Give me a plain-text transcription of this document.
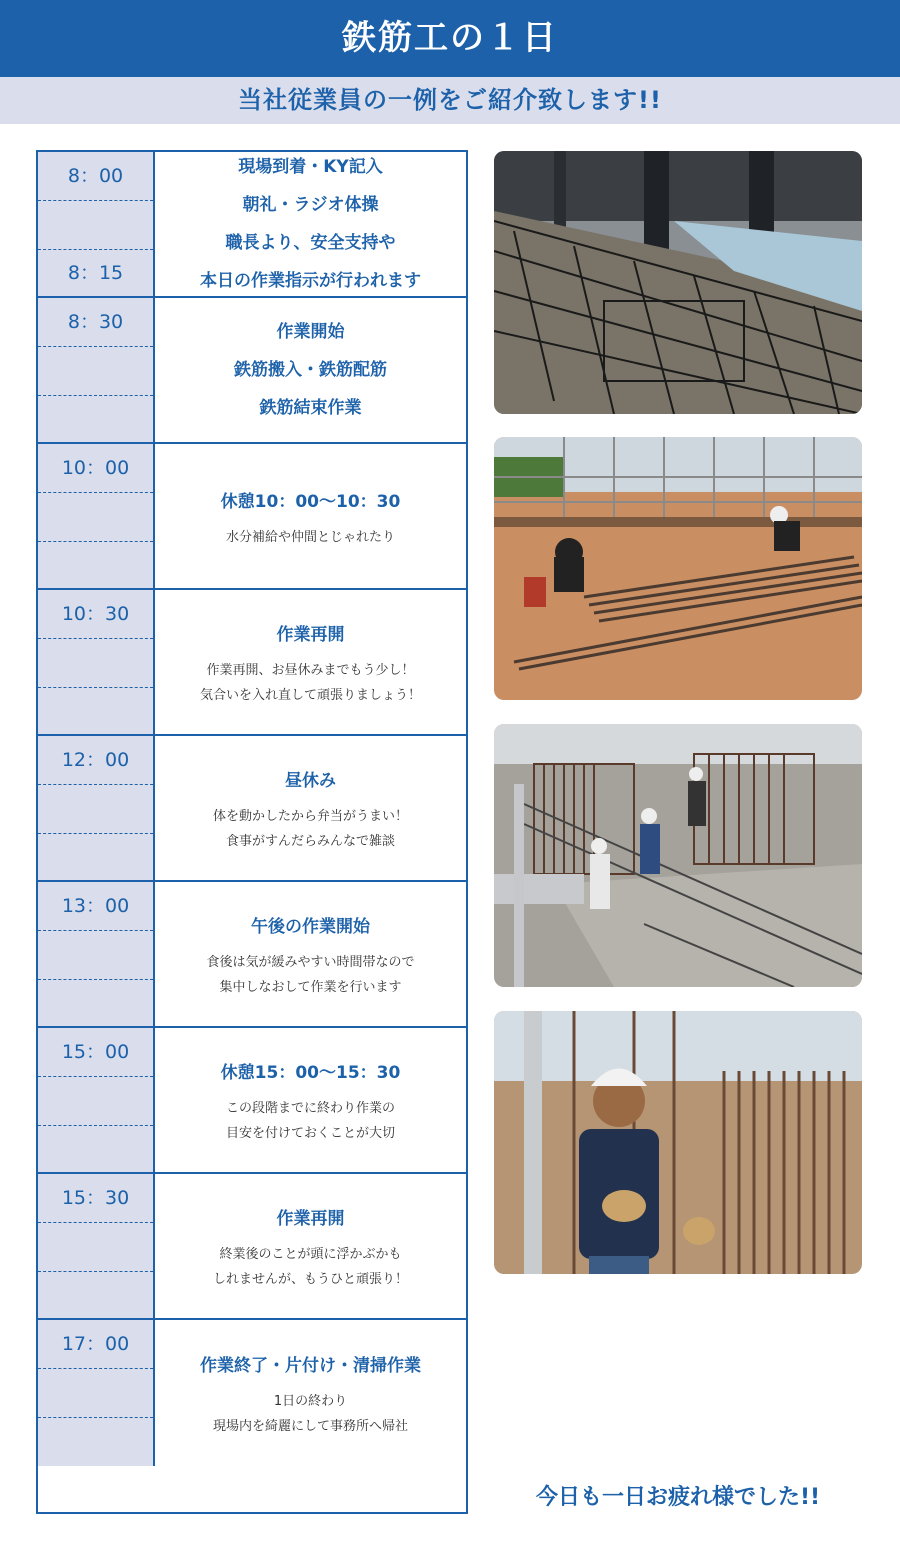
鉄筋工の１日
当社従業員の一例をご紹介致します!!
8：00
8：15
現場到着・KY記入
朝礼・ラジオ体操
職長より、安全支持や
本日の作業指示が行われます
8：30	作業開始
鉄筋搬入・鉄筋配筋
鉄筋結束作業
10：00
休憩10：00～10：30
水分補給や仲間とじゃれたり
10：30
作業再開
作業再開、お昼休みまでもう少し！
気合いを入れ直して頑張りましょう！
12：00
昼休み
体を動かしたから弁当がうまい！
食事がすんだらみんなで雑談
13：00
午後の作業開始
食後は気が緩みやすい時間帯なので
集中しなおして作業を行います
15：00
休憩15：00～15：30
この段階までに終わり作業の
目安を付けておくことが大切
15：30
作業再開
終業後のことが頭に浮かぶかも
しれませんが、もうひと頑張り！
17：00
作業終了・片付け・清掃作業
1日の終わり
現場内を綺麗にして事務所へ帰社
今日も一日お疲れ様でした!!
